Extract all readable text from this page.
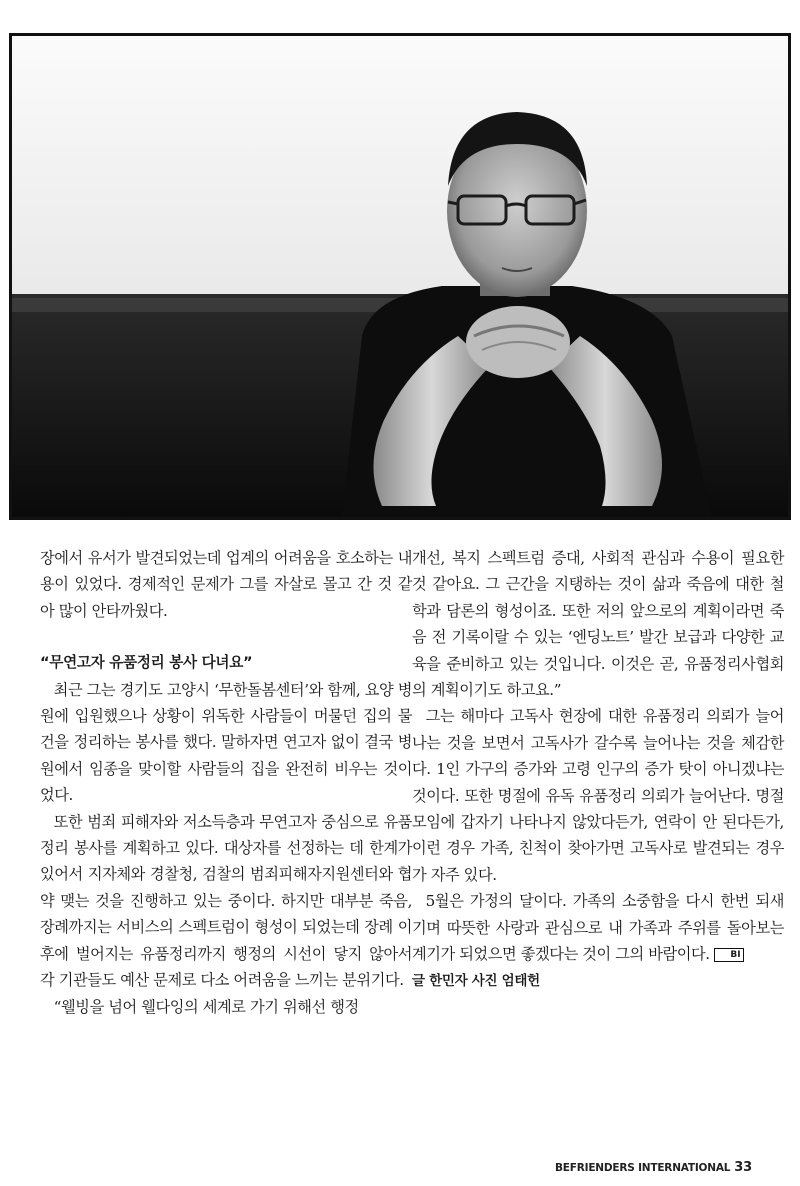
장에서 유서가 발견되었는데 업계의 어려움을 호소하는 내용이 있었다. 경제적인 문제가 그를 자살로 몰고 간 것 같아 많이 안타까웠다.

“무연고자 유품정리 봉사 다녀요”

최근 그는 경기도 고양시 ‘무한돌봄센터’와 함께, 요양 병원에 입원했으나 상황이 위독한 사람들이 머물던 집의 물건을 정리하는 봉사를 했다. 말하자면 연고자 없이 결국 병원에서 임종을 맞이할 사람들의 집을 완전히 비우는 것이었다.

또한 범죄 피해자와 저소득층과 무연고자 중심으로 유품정리 봉사를 계획하고 있다. 대상자를 선정하는 데 한계가 있어서 지자체와 경찰청, 검찰의 범죄피해자지원센터와 협약 맺는 것을 진행하고 있는 중이다. 하지만 대부분 죽음, 장례까지는 서비스의 스펙트럼이 형성이 되었는데 장례 이후에 벌어지는 유품정리까지 행정의 시선이 닿지 않아서 각 기관들도 예산 문제로 다소 어려움을 느끼는 분위기다.

“웰빙을 넘어 웰다잉의 세계로 가기 위해선 행정

개선, 복지 스펙트럼 증대, 사회적 관심과 수용이 필요한 것 같아요. 그 근간을 지탱하는 것이 삶과 죽음에 대한 철학과 담론의 형성이죠. 또한 저의 앞으로의 계획이라면 죽음 전 기록이랄 수 있는 ‘엔딩노트’ 발간 보급과 다양한 교육을 준비하고 있는 것입니다. 이것은 곧, 유품정리사협회의 계획이기도 하고요.”

그는 해마다 고독사 현장에 대한 유품정리 의뢰가 늘어나는 것을 보면서 고독사가 갈수록 늘어나는 것을 체감한다. 1인 가구의 증가와 고령 인구의 증가 탓이 아니겠냐는 것이다. 또한 명절에 유독 유품정리 의뢰가 늘어난다. 명절 모임에 갑자기 나타나지 않았다든가, 연락이 안 된다든가, 이런 경우 가족, 친척이 찾아가면 고독사로 발견되는 경우가 자주 있다.

5월은 가정의 달이다. 가족의 소중함을 다시 한번 되새기며 따뜻한 사랑과 관심으로 내 가족과 주위를 돌아보는 계기가 되었으면 좋겠다는 것이 그의 바람이다. BI

글 한민자 사진 엄태헌

BEFRIENDERS INTERNATIONAL 33
